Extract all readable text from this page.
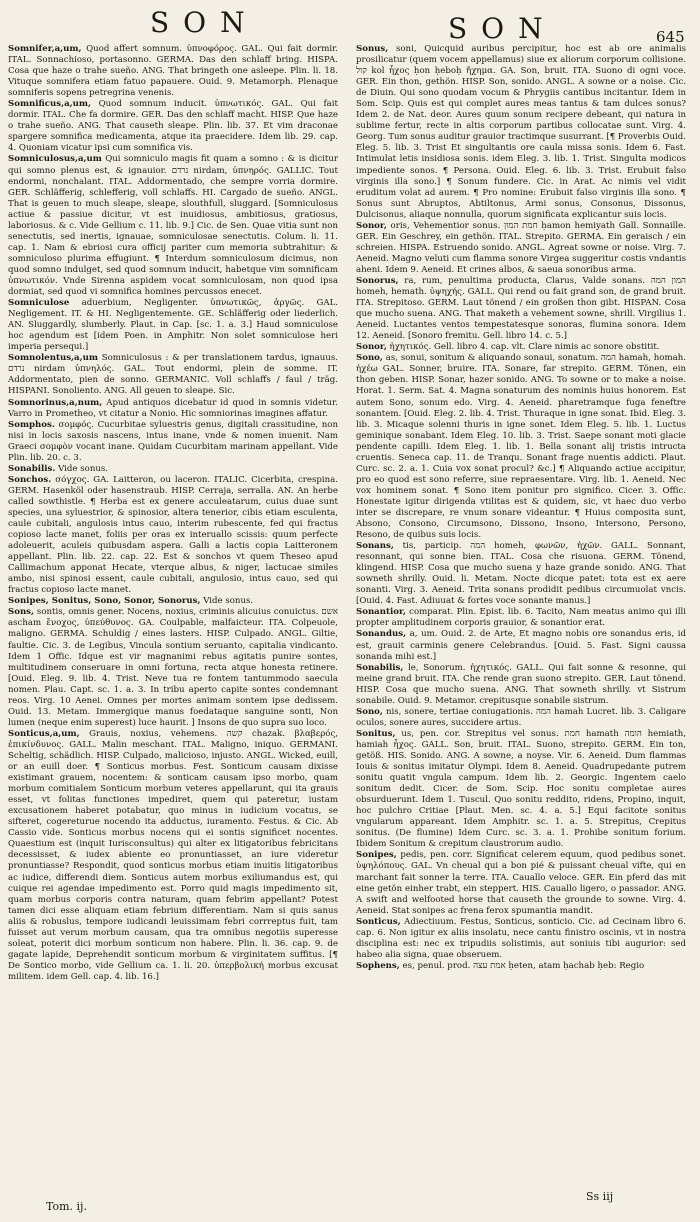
SON	SON	645

Somnifer,a,um, Quod affert somnum. ὑπνοφόρος. GAL. Qui fait dormir. ITAL. Sonnachioso, portasonno. GERMA. Das den schlaff bring. HISPA. Cosa que haze o trahe sueño. ANG. That bringeth one asleepe. Plin. li. 18. Vituque somnifera etiam fatuo papauere. Ouid. 9. Metamorph. Plenaque somniferis sopens petregrina venenis.

Somnificus,a,um, Quod somnum inducit. ὑπνωτικός. GAL. Qui fait dormir. ITAL. Che fa dormire. GER. Das den schlaff macht. HISP. Que haze o trahe sueño. ANG. That causeth sleape. Plin. lib. 37. Et vim draconae spargere somnifica medicamenta, atque ita praecidere. Idem lib. 29. cap. 4. Quoniam vicatur ipsi cum somnifica vis.

Somniculosus,a,um Qui somniculo magis fit quam a somno : & is dicitur qui somno plenus est, & ignauior. נרדם nirdam, ὑπνηρός. GALLIC. Tout endormi, nonchalant. ITAL. Addormentado, che sempre vorria dormire. GER. Schläfferig, schlefferig, voll schlaffs. HI. Cargado de sueño. ANGL. That is geuen to much sleape, sleape, slouthfull, sluggard. [Somniculosus actiue & passiue dicitur, vt est inuidiosus, ambitiosus, gratiosus, laboriosus. & c. Vide Gellium c. 11. lib. 9.] Cic. de Sen. Quae vitia sunt non senectutis, sed inertis, ignauae, somniculosae senectutis. Colum. li. 11. cap. 1. Nam & ebriosi cura officij pariter cum memoria subtrahitur: & somniculoso plurima effugiunt. ¶ Interdum somniculosum dicimus, non quod somno indulget, sed quod somnum inducit, habetque vim somnificam ὑπνωτικόν. Vnde Sirenna aspidem vocat somniculosam, non quod ipsa dormiat, sed quod vi somnifica homines percussos enecet.

Somniculose aduerbium, Negligenter. ὑπνωτικῶς, ἀργῶς. GAL. Negligement. IT. & HI. Negligentemente. GE. Schläfferig oder liederlich. AN. Sluggardly, slumberly. Plaut. in Cap. [sc. 1. a. 3.] Haud somniculose hoc agendum est [idem Poen. in Amphitr. Non solet somniculose heri imperia persequi.]

Somnolentus,a,um Somniculosus : & per translationem tardus, ignauus. נרדם nirdam ὑπνηλός. GAL. Tout endormi, plein de somme. IT. Addormentato, pien de sonno. GERMANIC. Voll schlaffs / faul / träg. HISPANI. Sonoliento. ANG. All geuen to sleape. Sic.

Somnorinus,a,num, Apud antiquos dicebatur id quod in somnis videtur. Varro in Prometheo, vt citatur a Nonio. Hic somniorinas imagines affatur.

Somphos. σομφός. Cucurbitae syluestris genus, digitali crassitudine, non nisi in locis saxosis nascens, intus inane, vnde & nomen inuenit. Nam Graeci σομφὸν vocant inane. Quidam Cucurbitam marinam appellant. Vide Plin. lib. 20. c. 3.

Sonabilis. Vide sonus.

Sonchos. σόγχος. GA. Laitteron, ou laceron. ITALIC. Cicerbita, crespina. GERM. Hasenköl oder hasenstraub. HISP. Cerraja, serralla. AN. An herbe called sowthistle. ¶ Herba est ex genere acculeatarum, cuius duae sunt species, una syluestrior, & spinosior, altera tenerior, cibis etiam esculenta, caule cubitali, angulosis intus cauo, interim rubescente, fed qui fractus copioso lacte manet, foliis per oras ex interuallo scissis: quum perfecte adoleuerit, aculeis quibusdam aspera. Galli a lactis copia Laitteronem appellant. Plin. lib. 22. cap. 22. Est & sonchos vt quem Theseo apud Callimachum apponat Hecate, vterque albus, & niger, lactucae similes ambo, nisi spinosi essent, caule cubitali, angulosio, intus cauo, sed qui fractus copioso lacte manet.

Sonipes, Sonitus, Sono, Sonor, Sonorus, Vide sonus.

Sons, sontis, omnis gener. Nocens, noxius, criminis alicuius conuictus. אשם ascham ἔνοχος, ὑπεύθυνος. GA. Coulpable, malfaicteur. ITA. Colpeuole, maligno. GERMA. Schuldig / eines lasters. HISP. Culpado. ANGL. Giltie, faultie. Cic. 3. de Legibus, Vincula sontium seruanto, capitalia vindicanto. Idem 1 Offic. Idque est vir magnanimi rebus agitatis punire sontes, multitudinem conseruare in omni fortuna, recta atque honesta retinere. [Ouid. Eleg. 9. lib. 4. Trist. Neve tua re fontem tantummodo saecula nomen. Plau. Capt. sc. 1. a. 3. In tribu aperto capite sontes condemnant reos. Virg. 10 Aenei. Omnes per mortes animam sontem ipse dedissem. Ouid. 13. Metam. Immergique manus foedataque sanguine sonti, Non lumen (neque enim superest) luce haurit. ] Insons de quo supra suo loco.

Sonticus,a,um, Grauis, noxius, vehemens. קשה chazak. βλαβερός, ἐπικίνδυνος. GALL. Malin meschant. ITAL. Maligno, iniquo. GERMANI. Scheltig, schädlich. HISP. Culpado, malicioso, injusto. ANGL. Wicked, euill, or an euill doer. ¶ Sonticus morbus. Fest. Sonticum causam dixisse existimant grauem, nocentem: & sonticam causam ipso morbo, quam morbum comitialem Sonticum morbum veteres appellarunt, qui ita grauis esset, vt folitas functiones impediret, quem qui pateretur, iustam excusationem haberet potabatur, quo minus in iudicium vocatus, se sifteret, cogereturue nocendo ita adductus, iuramento. Festus. & Cic. Ab Cassio vide. Sonticus morbus nocens qui ei sontis significet nocentes. Quaestium est (inquit Iurisconsultus) qui alter ex litigatoribus febricitans decessisset, & iudex abiente eo pronuntiasset, an iure videretur pronuntiasse? Respondit, quod sonticus morbus etiam inuitis litigatoribus ac iudice, differendi diem. Sonticus autem morbus exiliumandus est, qui cuique rei agendae impedimento est. Porro quid magis impedimento sit, quam morbus corporis contra naturam, quam febrim appellant? Potest tamen dici esse aliquam etiam febrium differentiam. Nam si quis sanus aliis & robuslus, tempore iudicandi leuissimam febri corrreptus fuit, tam fuisset aut verum morbum causam, qua tra omnibus negotiis superesse soleat, poterit dici morbum sonticum non habere. Plin. li. 36. cap. 9. de gagate lapide, Deprehendit sonticum morbum & virginitatem suffitus. [¶ De Sontico morbo, vide Gellium ca. 1. li. 20. ὑπερβολική morbus excusat militem. idem Gell. cap. 4. lib. 16.]

Sonus, soni, Quicquid auribus percipitur, hoc est ab ore animalis prosilicatur (quem vocem appellamus) siue ex aliorum corporum collisione. קול kol ἦχος ḥon ḥeboḥ ἤχημα. GA. Son, bruit. ITA. Suono di ogni voce. GER. Ein thon, gethön. HISP. Son, sonido. ANGL. A sowne or a noise. Cic. de Diuin. Qui sono quodam vocum & Phrygiis cantibus incitantur. Idem in Som. Scip. Quis est qui complet aures meas tantus & tam dulces sonus? Idem 2. de Nat. deor. Aures quum sonum recipere debeant, qui natura in sublime fertur, recte in altis corporum partibus collocatae sunt. Virg. 4. Georg. Tum sonus auditur grauior tractimque susurrant. [¶ Proverbis Ouid. Eleg. 5. lib. 3. Trist Et singultantis ore caula missa sonis. Idem 6. Fast. Intimulat letis insidiosa sonis. idem Eleg. 3. lib. 1. Trist. Singulta modicos impediente sonos. ¶ Persona. Ouid. Eleg. 6. lib. 3. Trist. Erubuit falso virginis illa sono.] ¶ Sonum fundere. Cic. in Arat. Ac nimis vel vidit eruditum volat ad aurem. ¶ Pro nomine: Erubuit falso virginis illa sono. ¶ Sonus sunt Abruptos, Abtiltonus, Armi sonus, Consonus, Dissonus, Dulcisonus, aliaque nonnulla, quorum significata explicantur suis locis.

Sonor, oris, Vehementior sonus. חמת המון ḥamon hemiyath Gall. Sonnaille. GER. Ein Geschrey, ein gethön. ITAL. Strepito. GERMA. Ein geraisch / ein schreien. HISPA. Estruendo sonido. ANGL. Agreat sowne or noise. Virg. 7. Aeneid. Magno veluti cum flamma sonore Virgea suggeritur costis vndantis aheni. Idem 9. Aeneid. Et crines albos, & saeua sonoribus arma.

Sonorus, ra, rum, penultima producta, Clarus, Valde sonans. המון המה homeh, hemath. ὐψηχής. GALL. Qui rend ou fait grand son, de grand bruit. ITA. Strepitoso. GERM. Laut tönend / ein großen thon gibt. HISPAN. Cosa que mucho suena. ANG. That maketh a vehement sowne, shrill. Virgilius 1. Aeneid. Luctantes ventos tempestatesque sonoras, flumina sonora. Idem 12. Aeneid. [Sonoro fremitu. Gell. libro 14. c. 5.]

Sonor, ἠχητικός. Gell. libro 4. cap. vlt. Clare nimis ac sonore obstitit.

Sono, as, sonui, sonitum & aliquando sonaui, sonatum. המה hamah, homah. ἠχέω GAL. Sonner, bruire. ITA. Sonare, far strepito. GERM. Tönen, ein thon geben. HISP. Sonar, hazer sonido. ANG. To sowne or to make a noise. Horat. 1. Serm. Sat. 4. Magna sonaturum des nominis huius honorem. Est autem Sono, sonum edo. Virg. 4. Aeneid. pharetramque fuga feneftre sonantem. [Ouid. Eleg. 2. lib. 4. Trist. Thuraque in igne sonat. Ibid. Eleg. 3. lib. 3. Micaque solenni thuris in igne sonet. Idem Eleg. 5. lib. 1. Luctus geminique sonabant. Idem Eleg. 10. lib. 3. Trist. Saepe sonant moti glacie pendente capilli. Idem Eleg. 1. lib. 1. Bella sonant alij tristis intructa cruentis. Seneca cap. 11. de Tranqu. Sonant frage nuentis addicti. Plaut. Curc. sc. 2. a. 1. Cuia vox sonat procul? &c.] ¶ Aliquando actiue accipitur, pro eo quod est sono referre, siue repraesentare. Virg. lib. 1. Aeneid. Nec vox hominem sonat. ¶ Sono item ponitur pro significo. Cicer. 3. Offic. Honestate igitur dirigenda vtilitas est & quidem, sic, vt haec duo verbo inter se discrepare, re vnum sonare videantur. ¶ Huius composita sunt, Absono, Consono, Circumsono, Dissono, Insono, Intersono, Persono, Resono, de quibus suis locis.

Sonans, tis, particip. המה homeh, φωνῶν, ἠχῶν. GALL. Sonnant, resonnant, qui sonne bien. ITAL. Cosa che risuona. GERM. Tönend, klingend. HISP. Cosa que mucho suena y haze grande sonido. ANG. That sowneth shrilly. Ouid. li. Metam. Nocte dicque patet: tota est ex aere sonanti. Virg. 3. Aeneid. Trita sonans prodidit pedibus circumuolat vncis. [Ouid. 4. Fast. Adiuuat & fortes voce sonante manus.]

Sonantior, comparat. Plin. Epist. lib. 6. Tacito, Nam meatus animo qui illi propter amplitudinem corporis grauior, & sonantior erat.

Sonandus, a, um. Ouid. 2. de Arte, Et magno nobis ore sonandus eris, id est, grauit carminis genere Celebrandus. [Ouid. 5. Fast. Signi caussa sonanda mihi est.]

Sonabilis, le, Sonorum. ἠχητικός. GALL. Qui fait sonne & resonne, qui meine grand bruit. ITA. Che rende gran suono strepito. GER. Laut tönend. HISP. Cosa que mucho suena. ANG. That sowneth shrilly. vt Sistrum sonabile. Ouid. 9. Metamor. crepitusque sonabile sistrum.

Sono, nis, sonere, tertiae coniugationis. המה hamah Lucret. lib. 3. Caligare oculos, sonere aures, succidere artus.

Sonitus, us, pen. cor. Strepitus vel sonus. חמת hamath הומה hemiath, hamiah ἦχος. GALL. Son, bruit. ITAL. Suono, strepito. GERM. Ein ton, getöß. HIS. Sonido. ANG. A sowne, a noyse. Vir. 6. Aeneid. Dum flammas Iouis & sonitus imitatur Olympi. Idem 8. Aeneid. Quadrupedante putrem sonitu quatit vngula campum. Idem lib. 2. Georgic. Ingentem caelo sonitum dedit. Cicer. de Som. Scip. Hoc sonitu completae aures obsurduerunt. Idem 1. Tuscul. Quo sonitu reddito, ridens, Propino, inquit, hoc pulchro Critiae [Plaut. Men. sc. 4. a. 5.] Equi facitote sonitus vngularum appareant. Idem Amphitr. sc. 1. a. 5. Strepitus, Crepitus sonitus. (De flumine) Idem Curc. sc. 3. a. 1. Prohibe sonitum forium. Ibidem Sonitum & crepitum claustrorum audio.

Sonipes, pedis, pen. corr. Significat celerem equum, quod pedibus sonet. ὑψηλόπους. GAL. Vn cheual qui a bon pié & puissant cheual vifte, qui en marchant fait sonner la terre. ITA. Cauallo veloce. GER. Ein pferd das mit eine getön einher trabt, ein steppert. HIS. Cauallo ligero, o passador. ANG. A swift and welfooted horse that causeth the grounde to sowne. Virg. 4. Aeneid. Stat sonipes ac frena ferox spumantia mandit.

Sonticus, Adiectiuum. Festus, Sonticus, sonticio. Cic. ad Cecinam libro 6. cap. 6. Non igitur ex aliis insolatu, nece cantu finistro oscinis, vt in nostra disciplina est: nec ex tripudiis solistimis, aut soniuis tibi augurior: sed habeo alia signa, quae obseruem.

Sophens, es, penul. prod. אמת עצה ḥeten, atam ḥachab ḥeb: Regio

Tom. ij.
Ss iij
